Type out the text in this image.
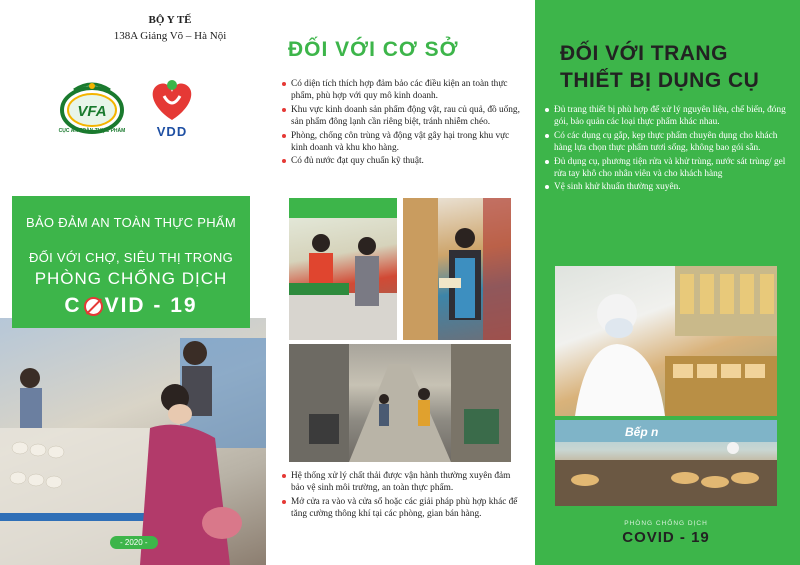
BỘ Y TẾ
138A Giảng Võ – Hà Nội
VFA
CỤC AN TOÀN THỰC PHẨM	VDD
BẢO ĐẢM AN TOÀN THỰC PHẨM
ĐỐI VỚI CHỢ, SIÊU THỊ TRONG
PHÒNG CHỐNG DỊCH
C VID - 19
- 2020 -
ĐỐI VỚI CƠ SỞ
Có diện tích thích hợp đảm bảo các điều kiện an toàn thực phẩm, phù hợp với quy mô kinh doanh.
Khu vực kinh doanh sản phẩm động vật, rau củ quả, đồ uống, sản phẩm đông lạnh cần riêng biệt, tránh nhiễm chéo.
Phòng, chống côn trùng và động vật gây hại trong khu vực kinh doanh và khu kho hàng.
Có đủ nước đạt quy chuẩn kỹ thuật.
Hệ thống xử lý chất thải được vận hành thường xuyên đảm bảo vệ sinh môi trường, an toàn thực phẩm.
Mở cửa ra vào và cửa sổ hoặc các giải pháp phù hợp khác để tăng cường thông khí tại các phòng, gian bán hàng.
ĐỐI VỚI TRANG
THIẾT BỊ DỤNG CỤ
Đủ trang thiết bị phù hợp để xử lý nguyên liệu, chế biến, đóng gói, bảo quản các loại thực phẩm khác nhau.
Có các dụng cụ gắp, kẹp thực phẩm chuyên dụng cho khách hàng lựa chọn thực phẩm tươi sống, không bao gói sẵn.
Đủ dụng cụ, phương tiện rửa và khử trùng, nước sát trùng/ gel rửa tay khô cho nhân viên và cho khách hàng
Vệ sinh khử khuẩn thường xuyên.
Bếp n
PHÒNG CHỐNG DỊCH
COVID - 19
